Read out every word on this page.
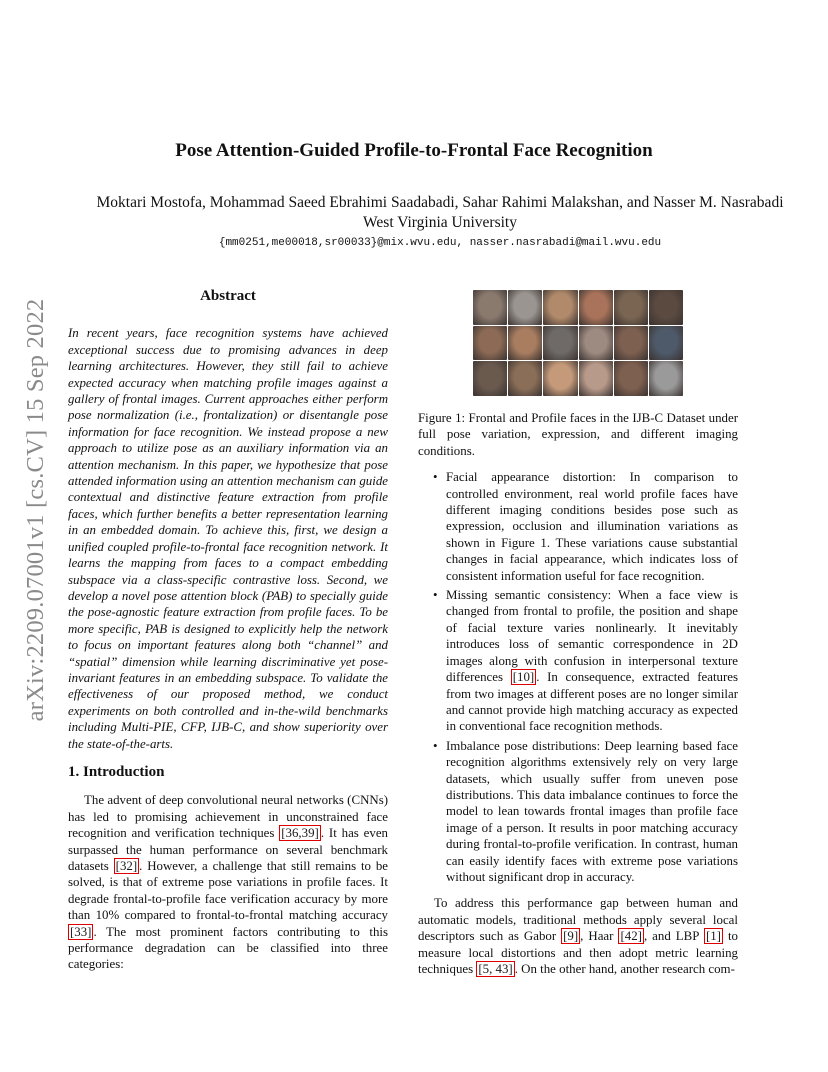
arXiv:2209.07001v1 [cs.CV] 15 Sep 2022
Pose Attention-Guided Profile-to-Frontal Face Recognition
Moktari Mostofa, Mohammad Saeed Ebrahimi Saadabadi, Sahar Rahimi Malakshan, and Nasser M. Nasrabadi
West Virginia University
{mm0251,me00018,sr00033}@mix.wvu.edu, nasser.nasrabadi@mail.wvu.edu
Abstract

In recent years, face recognition systems have achieved exceptional success due to promising advances in deep learning architectures. However, they still fail to achieve expected accuracy when matching profile images against a gallery of frontal images. Current approaches either perform pose normalization (i.e., frontalization) or disentangle pose information for face recognition. We instead propose a new approach to utilize pose as an auxiliary information via an attention mechanism. In this paper, we hypothesize that pose attended information using an attention mechanism can guide contextual and distinctive feature extraction from profile faces, which further benefits a better representation learning in an embedded domain. To achieve this, first, we design a unified coupled profile-to-frontal face recognition network. It learns the mapping from faces to a compact embedding subspace via a class-specific contrastive loss. Second, we develop a novel pose attention block (PAB) to specially guide the pose-agnostic feature extraction from profile faces. To be more specific, PAB is designed to explicitly help the network to focus on important features along both “channel” and “spatial” dimension while learning discriminative yet pose-invariant features in an embedding subspace. To validate the effectiveness of our proposed method, we conduct experiments on both controlled and in-the-wild benchmarks including Multi-PIE, CFP, IJB-C, and show superiority over the state-of-the-arts.

1. Introduction

The advent of deep convolutional neural networks (CNNs) has led to promising achievement in unconstrained face recognition and verification techniques [36,39] . It has even surpassed the human performance on several benchmark datasets [32] . However, a challenge that still remains to be solved, is that of extreme pose variations in profile faces. It degrade frontal-to-profile face verification accuracy by more than 10% compared to frontal-to-frontal matching accuracy [33] . The most prominent factors contributing to this performance degradation can be classified into three categories:

Figure 1: Frontal and Profile faces in the IJB-C Dataset under full pose variation, expression, and different imaging conditions.

• Facial appearance distortion: In comparison to controlled environment, real world profile faces have different imaging conditions besides pose such as expression, occlusion and illumination variations as shown in Figure 1. These variations cause substantial changes in facial appearance, which indicates loss of consistent information useful for face recognition.
• Missing semantic consistency: When a face view is changed from frontal to profile, the position and shape of facial texture varies nonlinearly. It inevitably introduces loss of semantic correspondence in 2D images along with confusion in interpersonal texture differences [10] . In consequence, extracted features from two images at different poses are no longer similar and cannot provide high matching accuracy as expected in conventional face recognition methods.
• Imbalance pose distributions: Deep learning based face recognition algorithms extensively rely on very large datasets, which usually suffer from uneven pose distributions. This data imbalance continues to force the model to lean towards frontal images than profile face image of a person. It results in poor matching accuracy during frontal-to-profile verification. In contrast, human can easily identify faces with extreme pose variations without significant drop in accuracy.

To address this performance gap between human and automatic models, traditional methods apply several local descriptors such as Gabor [9] , Haar [42] , and LBP [1] to measure local distortions and then adopt metric learning techniques [5, 43] . On the other hand, another research com-
